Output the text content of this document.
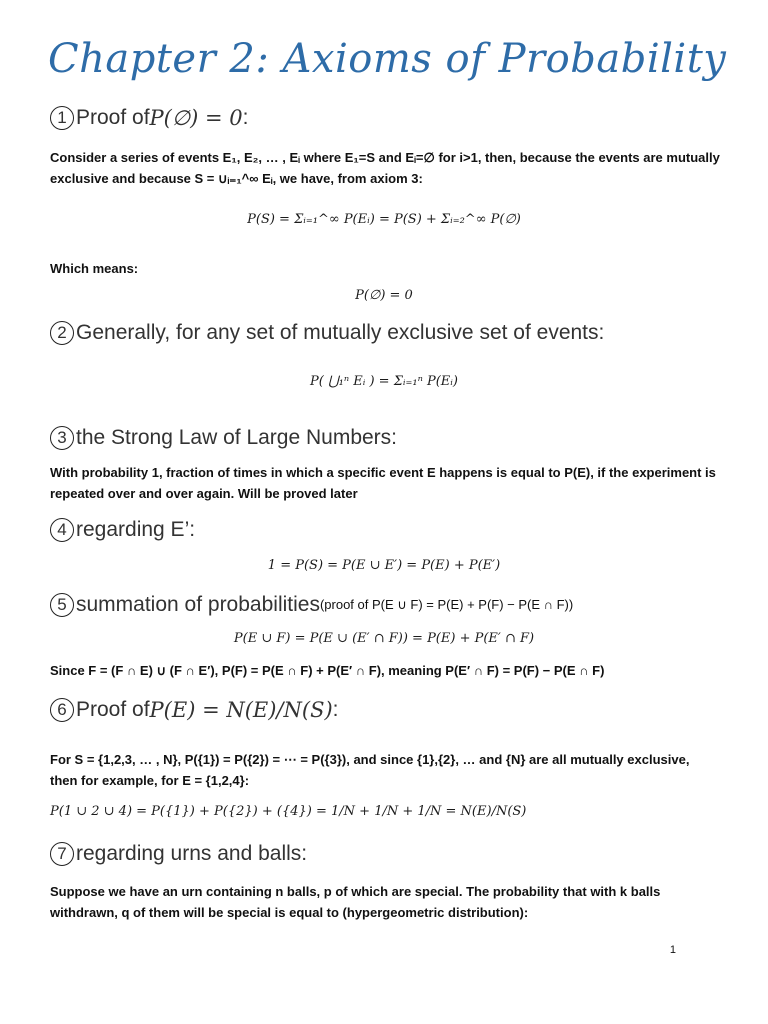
Chapter 2: Axioms of Probability
1 Proof of P(∅) = 0 :
Consider a series of events E₁, E₂, … , Eᵢ where E₁=S and Eᵢ=∅ for i>1, then, because the events are mutually exclusive and because S = ∪ᵢ₌₁^∞ Eᵢ, we have, from axiom 3:
P(S) = Σᵢ₌₁^∞ P(Eᵢ) = P(S) + Σᵢ₌₂^∞ P(∅)
Which means:
P(∅) = 0
2 Generally, for any set of mutually exclusive set of events:
P( ⋃₁ⁿ Eᵢ ) = Σᵢ₌₁ⁿ P(Eᵢ)
3 the Strong Law of Large Numbers:
With probability 1, fraction of times in which a specific event E happens is equal to P(E), if the experiment is repeated over and over again. Will be proved later
4 regarding E’:
1 = P(S) = P(E ∪ E′) = P(E) + P(E′)
5 summation of probabilities (proof of P(E ∪ F) = P(E) + P(F) − P(E ∩ F))
P(E ∪ F) = P(E ∪ (E′ ∩ F)) = P(E) + P(E′ ∩ F)
Since F = (F ∩ E) ∪ (F ∩ E′), P(F) = P(E ∩ F) + P(E′ ∩ F), meaning P(E′ ∩ F) = P(F) − P(E ∩ F)
6 Proof of P(E) = N(E)/N(S) :
For S = {1,2,3, … , N}, P({1}) = P({2}) = ⋯ = P({3}), and since {1},{2}, … and {N} are all mutually exclusive, then for example, for E = {1,2,4}:
P(1 ∪ 2 ∪ 4) = P({1}) + P({2}) + ({4}) = 1/N + 1/N + 1/N = N(E)/N(S)
7 regarding urns and balls:
Suppose we have an urn containing n balls, p of which are special. The probability that with k balls withdrawn, q of them will be special is equal to (hypergeometric distribution):
1
